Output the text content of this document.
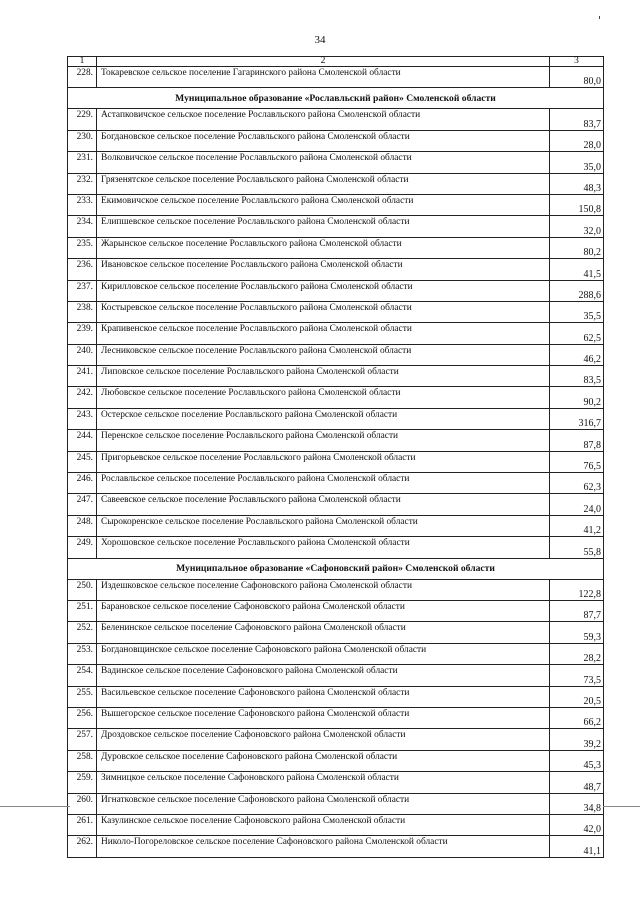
34
1	2	3
228.	Токаревское сельское поселение Гагаринского района Смоленской области	80,0
Муниципальное образование «Рославльский район» Смоленской области		
229.	Астапковичское сельское поселение Рославльского района Смоленской области	83,7
230.	Богдановское сельское поселение Рославльского района Смоленской области	28,0
231.	Волковичское сельское поселение Рославльского района Смоленской области	35,0
232.	Грязенятское сельское поселение Рославльского района Смоленской области	48,3
233.	Екимовичское сельское поселение Рославльского района Смоленской области	150,8
234.	Елипшевское сельское поселение Рославльского района Смоленской области	32,0
235.	Жарынское сельское поселение Рославльского района Смоленской области	80,2
236.	Ивановское сельское поселение Рославльского района Смоленской области	41,5
237.	Кирилловское сельское поселение Рославльского района Смоленской области	288,6
238.	Костыревское сельское поселение Рославльского района Смоленской области	35,5
239.	Крапивенское сельское поселение Рославльского района Смоленской области	62,5
240.	Лесниковское сельское поселение Рославльского района Смоленской области	46,2
241.	Липовское сельское поселение Рославльского района Смоленской области	83,5
242.	Любовское сельское поселение Рославльского района Смоленской области	90,2
243.	Остерское сельское поселение Рославльского района Смоленской области	316,7
244.	Перенское сельское поселение Рославльского района Смоленской области	87,8
245.	Пригорьевское сельское поселение Рославльского района Смоленской области	76,5
246.	Рославльское сельское поселение Рославльского района Смоленской области	62,3
247.	Савеевское сельское поселение Рославльского района Смоленской области	24,0
248.	Сырокоренское сельское поселение Рославльского района Смоленской области	41,2
249.	Хорошовское сельское поселение Рославльского района Смоленской области	55,8
Муниципальное образование «Сафоновский район» Смоленской области		
250.	Издешковское сельское поселение Сафоновского района Смоленской области	122,8
251.	Барановское сельское поселение Сафоновского района Смоленской области	87,7
252.	Беленинское сельское поселение Сафоновского района Смоленской области	59,3
253.	Богдановщинское сельское поселение Сафоновского района Смоленской области	28,2
254.	Вадинское сельское поселение Сафоновского района Смоленской области	73,5
255.	Васильевское сельское поселение Сафоновского района Смоленской области	20,5
256.	Вышегорское сельское поселение Сафоновского района Смоленской области	66,2
257.	Дроздовское сельское поселение Сафоновского района Смоленской области	39,2
258.	Дуровское сельское поселение Сафоновского района Смоленской области	45,3
259.	Зимницкое сельское поселение Сафоновского района Смоленской области	48,7
260.	Игнатковское сельское поселение Сафоновского района Смоленской области	34,8
261.	Казулинское сельское поселение Сафоновского района Смоленской области	42,0
262.	Николо-Погореловское сельское поселение Сафоновского района Смоленской области	41,1
